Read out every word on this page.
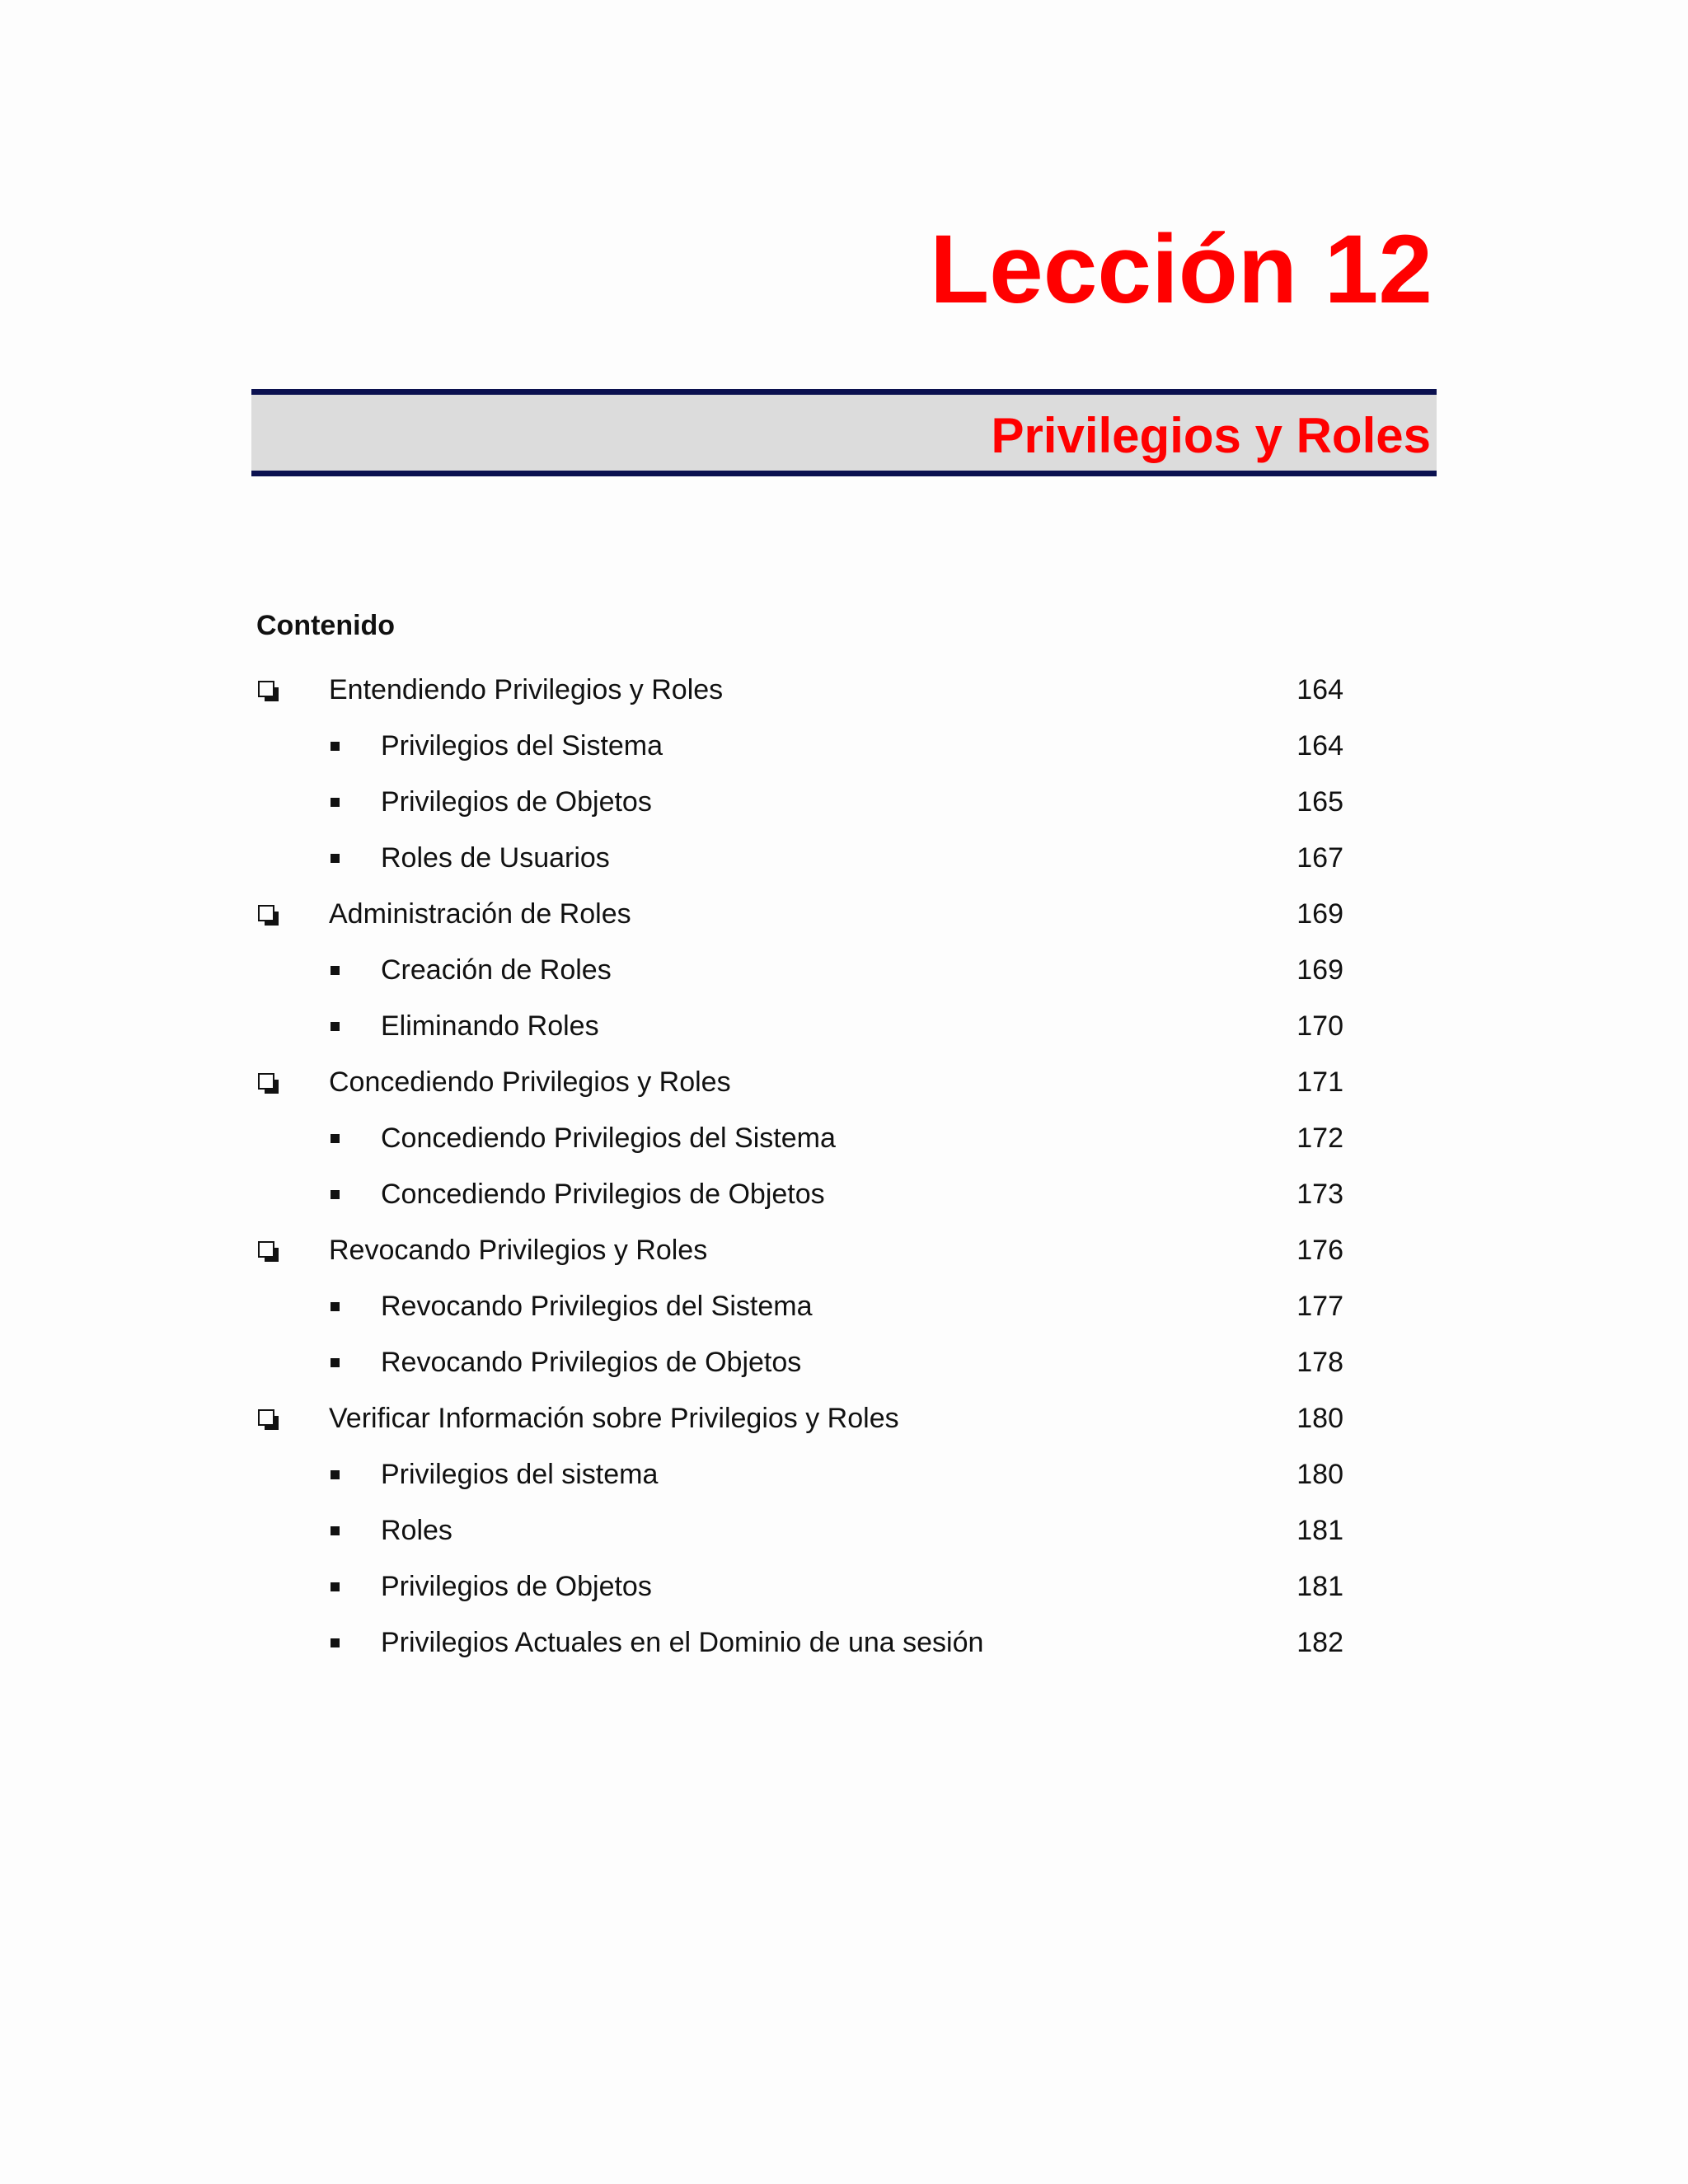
Lección 12
Privilegios y Roles
Contenido
Entendiendo Privilegios y Roles	164
Privilegios del Sistema	164
Privilegios de Objetos	165
Roles de Usuarios	167
Administración de Roles	169
Creación de Roles	169
Eliminando Roles	170
Concediendo Privilegios y Roles	171
Concediendo Privilegios del Sistema	172
Concediendo Privilegios de Objetos	173
Revocando Privilegios y Roles	176
Revocando Privilegios del Sistema	177
Revocando Privilegios de Objetos	178
Verificar Información sobre Privilegios y Roles	180
Privilegios del sistema	180
Roles	181
Privilegios de Objetos	181
Privilegios Actuales en el Dominio de una sesión	182
